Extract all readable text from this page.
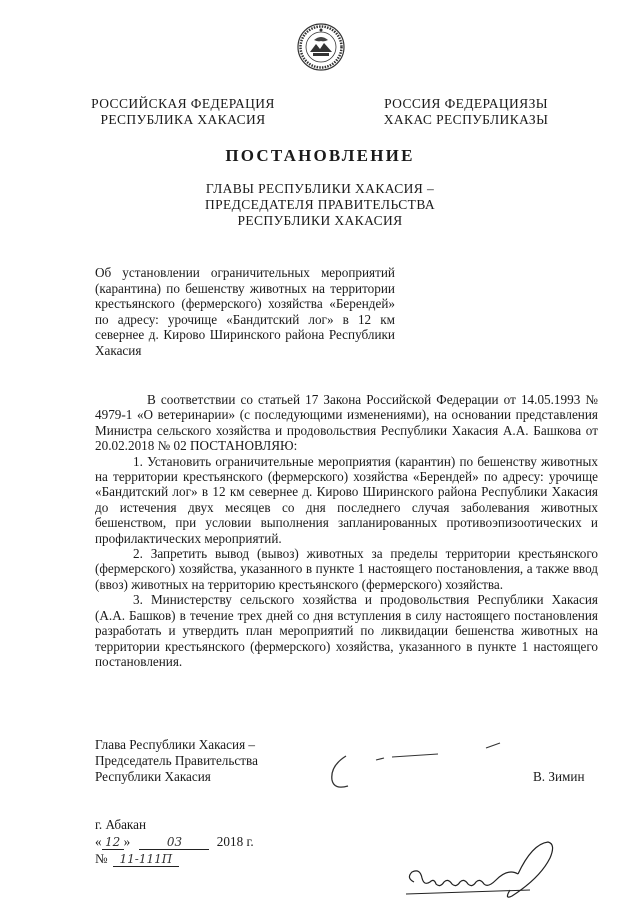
РОССИЙСКАЯ ФЕДЕРАЦИЯ
РЕСПУБЛИКА ХАКАСИЯ
РОССИЯ ФЕДЕРАЦИЯЗЫ
ХАКАС РЕСПУБЛИКАЗЫ
ПОСТАНОВЛЕНИЕ
ГЛАВЫ РЕСПУБЛИКИ ХАКАСИЯ –
ПРЕДСЕДАТЕЛЯ ПРАВИТЕЛЬСТВА
РЕСПУБЛИКИ ХАКАСИЯ
Об установлении ограничительных мероприятий (карантина) по бешенству животных на территории крестьянского (фермерского) хозяйства «Берендей» по адресу: урочище «Бандитский лог» в 12 км севернее д. Кирово Ширинского района Республики Хакасия

В соответствии со статьей 17 Закона Российской Федерации от 14.05.1993 № 4979-1 «О ветеринарии» (с последующими изменениями), на основании представления Министра сельского хозяйства и продовольствия Республики Хакасия А.А. Башкова от 20.02.2018 № 02 ПОСТАНОВЛЯЮ:

1. Установить ограничительные мероприятия (карантин) по бешенству животных на территории крестьянского (фермерского) хозяйства «Берендей» по адресу: урочище «Бандитский лог» в 12 км севернее д. Кирово Ширинского района Республики Хакасия до истечения двух месяцев со дня последнего случая заболевания животных бешенством, при условии выполнения запланированных противоэпизоотических и профилактических мероприятий.

2. Запретить вывод (вывоз) животных за пределы территории крестьянского (фермерского) хозяйства, указанного в пункте 1 настоящего постановления, а также ввод (ввоз) животных на территорию крестьянского (фермерского) хозяйства.

3. Министерству сельского хозяйства и продовольствия Республики Хакасия (А.А. Башков) в течение трех дней со дня вступления в силу настоящего постановления разработать и утвердить план мероприятий по ликвидации бешенства животных на территории крестьянского (фермерского) хозяйства, указанного в пункте 1 настоящего постановления.

Глава Республики Хакасия –
Председатель Правительства
Республики Хакасия	В. Зимин
г. Абакан
« 12 »	03	2018 г.
№ 11-111П
